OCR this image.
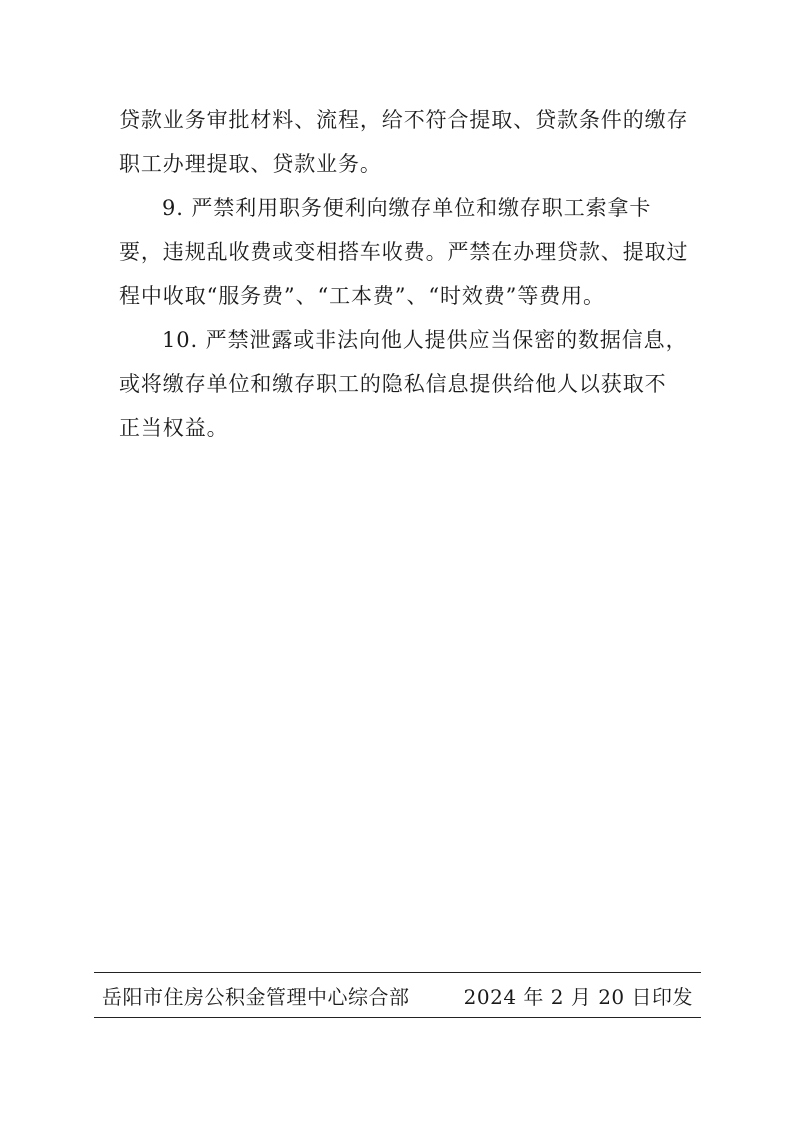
贷款业务审批材料、流程，给不符合提取、贷款条件的缴存
职工办理提取、贷款业务。
9. 严禁利用职务便利向缴存单位和缴存职工索拿卡
要，违规乱收费或变相搭车收费。严禁在办理贷款、提取过
程中收取“服务费”、“工本费”、“时效费”等费用。
10. 严禁泄露或非法向他人提供应当保密的数据信息，
或将缴存单位和缴存职工的隐私信息提供给他人以获取不
正当权益。
岳阳市住房公积金管理中心综合部	2024 年 2 月 20 日印发
